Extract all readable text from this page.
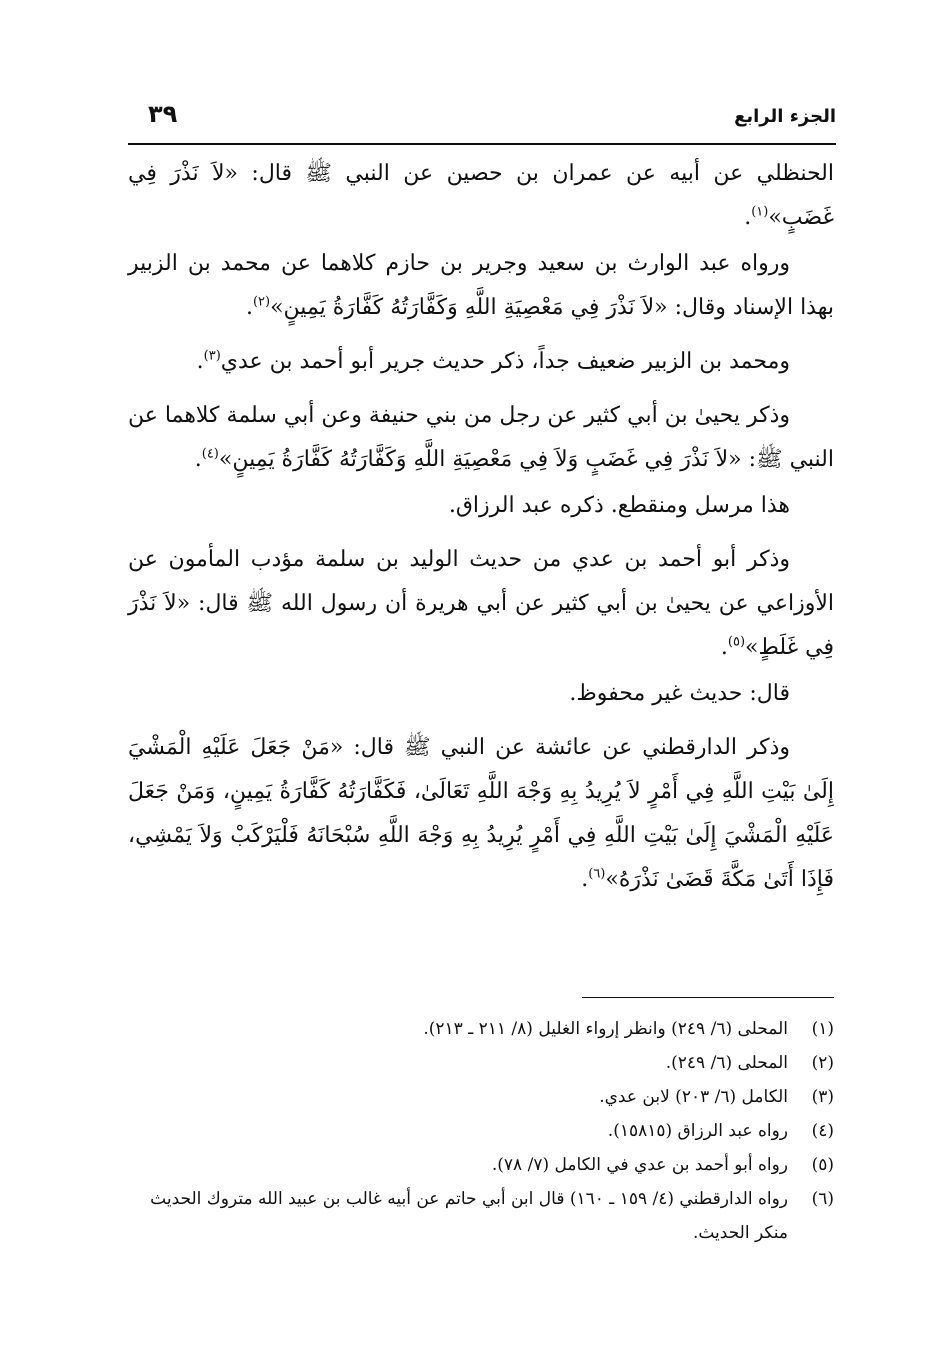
الجزء الرابع
٣٩

الحنظلي عن أبيه عن عمران بن حصين عن النبي ﷺ قال: «لاَ نَذْرَ فِي غَضَبٍ»$^{(١)}$.

ورواه عبد الوارث بن سعيد وجرير بن حازم كلاهما عن محمد بن الزبير بهذا الإسناد وقال: «لاَ نَذْرَ فِي مَعْصِيَةِ اللَّهِ وَكَفَّارَتُهُ كَفَّارَةُ يَمِينٍ»$^{(٢)}$.

ومحمد بن الزبير ضعيف جداً، ذكر حديث جرير أبو أحمد بن عدي$^{(٣)}$.

وذكر يحيىٰ بن أبي كثير عن رجل من بني حنيفة وعن أبي سلمة كلاهما عن النبي ﷺ: «لاَ نَذْرَ فِي غَضَبٍ وَلاَ فِي مَعْصِيَةِ اللَّهِ وَكَفَّارَتُهُ كَفَّارَةُ يَمِينٍ»$^{(٤)}$.

هذا مرسل ومنقطع. ذكره عبد الرزاق.

وذكر أبو أحمد بن عدي من حديث الوليد بن سلمة مؤدب المأمون عن الأوزاعي عن يحيىٰ بن أبي كثير عن أبي هريرة أن رسول الله ﷺ قال: «لاَ نَذْرَ فِي غَلَطٍ»$^{(٥)}$.

قال: حديث غير محفوظ.

وذكر الدارقطني عن عائشة عن النبي ﷺ قال: «مَنْ جَعَلَ عَلَيْهِ الْمَشْيَ إِلَىٰ بَيْتِ اللَّهِ فِي أَمْرٍ لاَ يُرِيدُ بِهِ وَجْهَ اللَّهِ تَعَالَىٰ، فَكَفَّارَتُهُ كَفَّارَةُ يَمِينٍ، وَمَنْ جَعَلَ عَلَيْهِ الْمَشْيَ إِلَىٰ بَيْتِ اللَّهِ فِي أَمْرٍ يُرِيدُ بِهِ وَجْهَ اللَّهِ سُبْحَانَهُ فَلْيَرْكَبْ وَلاَ يَمْشِي، فَإِذَا أَتَىٰ مَكَّةَ قَضَىٰ نَذْرَهُ»$^{(٦)}$.

(١)
المحلى (٦/ ٢٤٩) وانظر إرواء الغليل (٨/ ٢١١ ـ ٢١٣).
(٢)
المحلى (٦/ ٢٤٩).
(٣)
الكامل (٦/ ٢٠٣) لابن عدي.
(٤)
رواه عبد الرزاق (١٥٨١٥).
(٥)
رواه أبو أحمد بن عدي في الكامل (٧/ ٧٨).
(٦)
رواه الدارقطني (٤/ ١٥٩ ـ ١٦٠) قال ابن أبي حاتم عن أبيه غالب بن عبيد الله متروك الحديث منكر الحديث.
